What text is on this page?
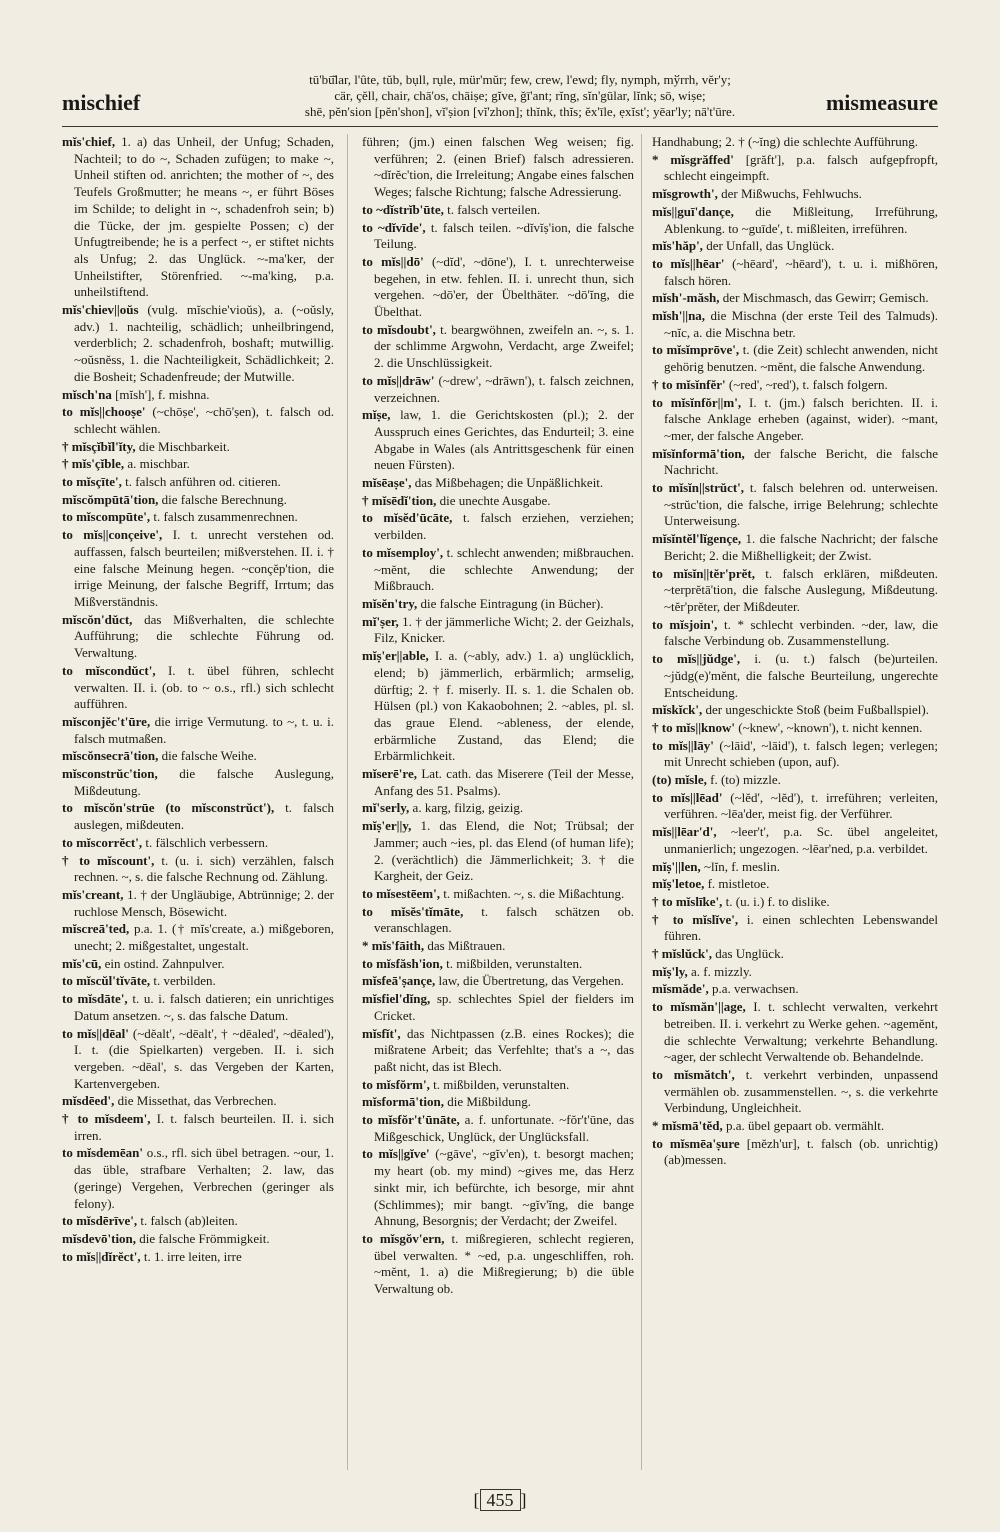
mischief
tū'bū̆lar, l'ûte, tŭb, bụll, rụle, mür'mŭr; few, crew, l'ewd; fly, nymph, mўrrh, vĕr'y;
cär, çĕll, chair, chā'os, chāiṣe; gĭve, ğī'ant; rĭng, sĭn'gūlar, lĭnk; sō, wiṣe;
shē, pĕn'sion [pĕn'shon], vĭ'ṣion [vĭ'zhon]; thĭnk, thĭs; ĕx'īle, ẹxĭst'; yēar'ly; nā't'ūre.	mismeasure

mĭs'chief, 1. a) das Unheil, der Unfug; Schaden, Nachteil; to do ~, Schaden zufügen; to make ~, Unheil stiften od. anrichten; the mother of ~, des Teufels Großmutter; he means ~, er führt Böses im Schilde; to delight in ~, schadenfroh sein; b) die Tücke, der jm. gespielte Possen; c) der Unfugtreibende; he is a perfect ~, er stiftet nichts als Unfug; 2. das Unglück. ~-ma'ker, der Unheilstifter, Störenfried. ~-ma'king, p.a. unheilstiftend.

mĭs'chiev||oŭs (vulg. mĭschie'vioŭs), a. (~oŭsly, adv.) 1. nachteilig, schädlich; unheilbringend, verderblich; 2. schadenfroh, boshaft; mutwillig. ~oŭsnĕss, 1. die Nachteiligkeit, Schädlichkeit; 2. die Bosheit; Schadenfreude; der Mutwille.

mĭsch'na [mĭsh'], f. mishna.

to mĭs||chooṣe' (~chōṣe', ~chō'ṣen), t. falsch od. schlecht wählen.

† mĭsçĭbĭl'ĭty, die Mischbarkeit.

† mĭs'çĭble, a. mischbar.

to mĭsçīte', t. falsch anführen od. citieren.

mĭscŏmpūtā'tion, die falsche Berechnung.

to mĭscompūte', t. falsch zusammenrechnen.

to mĭs||conçeive', I. t. unrecht verstehen od. auffassen, falsch beurteilen; mißverstehen. II. i. † eine falsche Meinung hegen. ~conçĕp'tion, die irrige Meinung, der falsche Begriff, Irrtum; das Mißverständnis.

mĭscŏn'dŭct, das Mißverhalten, die schlechte Aufführung; die schlechte Führung od. Verwaltung.

to mĭscondŭct', I. t. übel führen, schlecht verwalten. II. i. (ob. to ~ o.s., rfl.) sich schlecht aufführen.

mĭsconjĕc't'ūre, die irrige Vermutung. to ~, t. u. i. falsch mutmaßen.

mĭscŏnsecrā'tion, die falsche Weihe.

mĭsconstrŭc'tion, die falsche Auslegung, Mißdeutung.

to mĭscŏn'strūe (to mĭsconstrŭct'), t. falsch auslegen, mißdeuten.

to mĭscorrĕct', t. fälschlich verbessern.

† to mĭscount', t. (u. i. sich) verzählen, falsch rechnen. ~, s. die falsche Rechnung od. Zählung.

mĭs'creant, 1. † der Ungläubige, Abtrünnige; 2. der ruchlose Mensch, Bösewicht.

mĭscreā'ted, p.a. 1. († mĭs'create, a.) mißgeboren, unecht; 2. mißgestaltet, ungestalt.

mĭs'cū, ein ostind. Zahnpulver.

to mĭscŭl'tĭvāte, t. verbilden.

to mĭsdāte', t. u. i. falsch datieren; ein unrichtiges Datum ansetzen. ~, s. das falsche Datum.

to mĭs||dēal' (~dĕalt', ~dēalt', † ~dēaled', ~dēaled'), I. t. (die Spielkarten) vergeben. II. i. sich vergeben. ~dēal', s. das Vergeben der Karten, Kartenvergeben.

mĭsdēed', die Missethat, das Verbrechen.

† to mĭsdeem', I. t. falsch beurteilen. II. i. sich irren.

to mĭsdemēan' o.s., rfl. sich übel betragen. ~our, 1. das üble, strafbare Verhalten; 2. law, das (geringe) Vergehen, Verbrechen (geringer als felony).

to mĭsdērīve', t. falsch (ab)leiten.

mĭsdevō'tion, die falsche Frömmigkeit.

to mĭs||dĭrĕct', t. 1. irre leiten, irre

führen; (jm.) einen falschen Weg weisen; fig. verführen; 2. (einen Brief) falsch adressieren. ~dĭrĕc'tion, die Irreleitung; Angabe eines falschen Weges; falsche Richtung; falsche Adressierung.

to ~dĭstrĭb'ūte, t. falsch verteilen.

to ~dĭvīde', t. falsch teilen. ~dĭvĭṣ'ion, die falsche Teilung.

to mĭs||dō' (~dĭd', ~dōne'), I. t. unrechterweise begehen, in etw. fehlen. II. i. unrecht thun, sich vergehen. ~dō'er, der Übelthäter. ~dō'ĭng, die Übelthat.

to mĭsdoubt', t. beargwöhnen, zweifeln an. ~, s. 1. der schlimme Argwohn, Verdacht, arge Zweifel; 2. die Unschlüssigkeit.

to mĭs||drāw' (~drew', ~drāwn'), t. falsch zeichnen, verzeichnen.

mĭṣe, law, 1. die Gerichtskosten (pl.); 2. der Ausspruch eines Gerichtes, das Endurteil; 3. eine Abgabe in Wales (als Antrittsgeschenk für einen neuen Fürsten).

mĭsēaṣe', das Mißbehagen; die Unpäßlichkeit.

† mĭsēdĭ'tion, die unechte Ausgabe.

to mĭsĕd'ūcāte, t. falsch erziehen, verziehen; verbilden.

to mĭsemploy', t. schlecht anwenden; mißbrauchen. ~mĕnt, die schlechte Anwendung; der Mißbrauch.

mĭsĕn'try, die falsche Eintragung (in Bücher).

mĭ'ṣer, 1. † der jämmerliche Wicht; 2. der Geizhals, Filz, Knicker.

mĭṣ'er||able, I. a. (~ably, adv.) 1. a) unglücklich, elend; b) jämmerlich, erbärmlich; armselig, dürftig; 2. † f. miserly. II. s. 1. die Schalen ob. Hülsen (pl.) von Kakaobohnen; 2. ~ables, pl. sl. das graue Elend. ~ableness, der elende, erbärmliche Zustand, das Elend; die Erbärmlichkeit.

mĭserē're, Lat. cath. das Miserere (Teil der Messe, Anfang des 51. Psalms).

mĭ'serly, a. karg, filzig, geizig.

mĭṣ'er||y, 1. das Elend, die Not; Trübsal; der Jammer; auch ~ies, pl. das Elend (of human life); 2. (verächtlich) die Jämmerlichkeit; 3. † die Kargheit, der Geiz.

to mĭsestēem', t. mißachten. ~, s. die Mißachtung.

to mĭsĕs'tĭmāte, t. falsch schätzen ob. veranschlagen.

* mĭs'fāith, das Mißtrauen.

to mĭsfăsh'ion, t. mißbilden, verunstalten.

mĭsfeā'ṣançe, law, die Übertretung, das Vergehen.

mĭsfiel'dĭng, sp. schlechtes Spiel der fielders im Cricket.

mĭsfĭt', das Nichtpassen (z.B. eines Rockes); die mißratene Arbeit; das Verfehlte; that's a ~, das paßt nicht, das ist Blech.

to mĭsfŏrm', t. mißbilden, verunstalten.

mĭsformā'tion, die Mißbildung.

to mĭsfŏr't'ūnāte, a. f. unfortunate. ~fŏr't'ūne, das Mißgeschick, Unglück, der Unglücksfall.

to mĭs||gĭve' (~gāve', ~gĭv'en), t. besorgt machen; my heart (ob. my mind) ~gives me, das Herz sinkt mir, ich befürchte, ich besorge, mir ahnt (Schlimmes); mir bangt. ~gĭv'ĭng, die bange Ahnung, Besorgnis; der Verdacht; der Zweifel.

to mĭsgŏv'ern, t. mißregieren, schlecht regieren, übel verwalten. * ~ed, p.a. ungeschliffen, roh. ~mĕnt, 1. a) die Mißregierung; b) die üble Verwaltung ob.

Handhabung; 2. † (~ĭng) die schlechte Aufführung.

* mĭsgrăffed' [grăft'], p.a. falsch aufgepfropft, schlecht eingeimpft.

mĭsgrowth', der Mißwuchs, Fehlwuchs.

mĭs||guī'dançe, die Mißleitung, Irreführung, Ablenkung. to ~guīde', t. mißleiten, irreführen.

mĭs'hăp', der Unfall, das Unglück.

to mĭs||hēar' (~hēard', ~hēard'), t. u. i. mißhören, falsch hören.

mĭsh'-măsh, der Mischmasch, das Gewirr; Gemisch.

mĭsh'||na, die Mischna (der erste Teil des Talmuds). ~nĭc, a. die Mischna betr.

to mĭsĭmprōve', t. (die Zeit) schlecht anwenden, nicht gehörig benutzen. ~mĕnt, die falsche Anwendung.

† to mĭsĭnfĕr' (~red', ~red'), t. falsch folgern.

to mĭsĭnfŏr||m', I. t. (jm.) falsch berichten. II. i. falsche Anklage erheben (against, wider). ~mant, ~mer, der falsche Angeber.

mĭsĭnformā'tion, der falsche Bericht, die falsche Nachricht.

to mĭsĭn||strŭct', t. falsch belehren od. unterweisen. ~strŭc'tion, die falsche, irrige Belehrung; schlechte Unterweisung.

mĭsĭntĕl'lĭgençe, 1. die falsche Nachricht; der falsche Bericht; 2. die Mißhelligkeit; der Zwist.

to mĭsĭn||tĕr'prĕt, t. falsch erklären, mißdeuten. ~terprĕtā'tion, die falsche Auslegung, Mißdeutung. ~tĕr'prĕter, der Mißdeuter.

to mĭsjoin', t. * schlecht verbinden. ~der, law, die falsche Verbindung ob. Zusammenstellung.

to mĭs||jŭdge', i. (u. t.) falsch (be)urteilen. ~jŭdg(e)'mĕnt, die falsche Beurteilung, ungerechte Entscheidung.

mĭskĭck', der ungeschickte Stoß (beim Fußballspiel).

† to mĭs||know' (~knew', ~known'), t. nicht kennen.

to mĭs||lāy' (~lāid', ~lāid'), t. falsch legen; verlegen; mit Unrecht schieben (upon, auf).

(to) mĭsle, f. (to) mizzle.

to mĭs||lēad' (~lĕd', ~lĕd'), t. irreführen; verleiten, verführen. ~lēa'der, meist fig. der Verführer.

mĭs||lēar'd', ~leer't', p.a. Sc. übel angeleitet, unmanierlich; ungezogen. ~lēar'ned, p.a. verbildet.

mĭṣ'||len, ~lĭn, f. meslin.

mĭṣ'letoe, f. mistletoe.

† to mĭslīke', t. (u. i.) f. to dislike.

† to mĭslĭve', i. einen schlechten Lebenswandel führen.

† mĭslŭck', das Unglück.

mĭṣ'ly, a. f. mizzly.

mĭsmăde', p.a. verwachsen.

to mĭsmăn'||age, I. t. schlecht verwalten, verkehrt betreiben. II. i. verkehrt zu Werke gehen. ~agemĕnt, die schlechte Verwaltung; verkehrte Behandlung. ~ager, der schlecht Verwaltende ob. Behandelnde.

to mĭsmătch', t. verkehrt verbinden, unpassend vermählen ob. zusammenstellen. ~, s. die verkehrte Verbindung, Ungleichheit.

* mĭsmā'tĕd, p.a. übel gepaart ob. vermählt.

to mĭsmēa'ṣure [mĕzh'ur], t. falsch (ob. unrichtig) (ab)messen.

[ 455 ]
